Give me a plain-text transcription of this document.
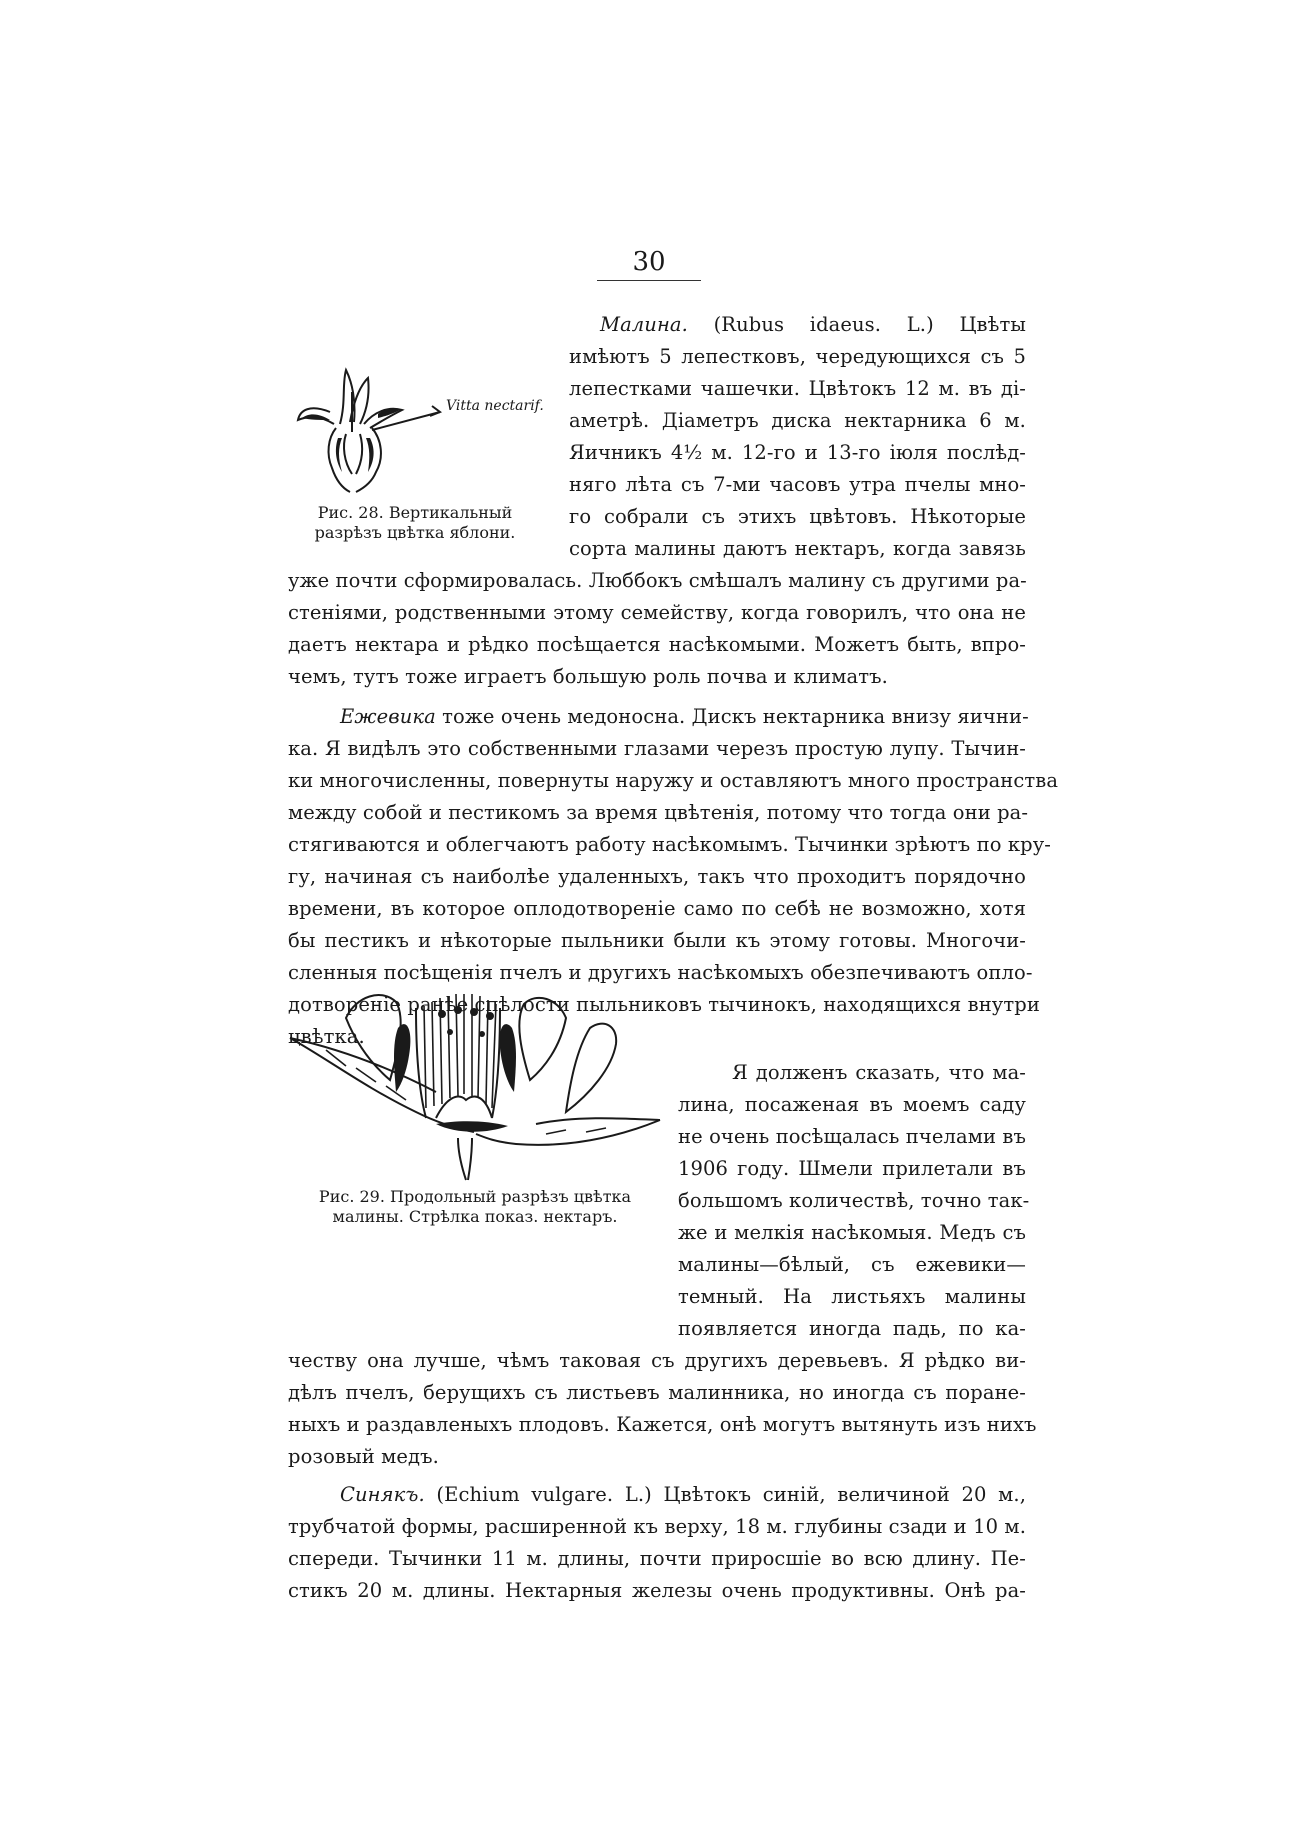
30
Vitta nectarif.
Рис. 28. Вертикальный
разрѣзъ цвѣтка яблони.
Рис. 29. Продольный разрѣзъ цвѣтка
малины. Стрѣлка показ. нектаръ.
Малина. (Rubus idaeus. L.) Цвѣты
имѣютъ 5 лепестковъ, чередующихся съ 5
лепестками чашечки. Цвѣтокъ 12 м. въ ді-
аметрѣ. Діаметръ диска нектарника 6 м.
Яичникъ 4½ м. 12-го и 13-го іюля послѣд-
няго лѣта съ 7-ми часовъ утра пчелы мно-
го собрали съ этихъ цвѣтовъ. Нѣкоторые
сорта малины даютъ нектаръ, когда завязь
уже почти сформировалась. Люббокъ смѣшалъ малину съ другими ра-
стеніями, родственными этому семейству, когда говорилъ, что она не
даетъ нектара и рѣдко посѣщается насѣкомыми. Можетъ быть, впро-
чемъ, тутъ тоже играетъ большую роль почва и климатъ.
Ежевика тоже очень медоносна. Дискъ нектарника внизу яични-
ка. Я видѣлъ это собственными глазами черезъ простую лупу. Тычин-
ки многочисленны, повернуты наружу и оставляютъ много пространства
между собой и пестикомъ за время цвѣтенія, потому что тогда они ра-
стягиваются и облегчаютъ работу насѣкомымъ. Тычинки зрѣютъ по кру-
гу, начиная съ наиболѣе удаленныхъ, такъ что проходитъ порядочно
времени, въ которое оплодотвореніе само по себѣ не возможно, хотя
бы пестикъ и нѣкоторые пыльники были къ этому готовы. Многочи-
сленныя посѣщенія пчелъ и другихъ насѣкомыхъ обезпечиваютъ оплo-
дотвореніе ранѣе спѣлости пыльниковъ тычинокъ, находящихся внутри
цвѣтка.
Я долженъ сказать, что ма-
лина, посаженая въ моемъ саду
не очень посѣщалась пчелами въ
1906 году. Шмели прилетали въ
большомъ количествѣ, точно так-
же и мелкія насѣкомыя. Медъ съ
малины—бѣлый, съ ежевики—
темный. На листьяхъ малины
появляется иногда падь, по ка-
честву она лучше, чѣмъ таковая съ другихъ деревьевъ. Я рѣдко ви-
дѣлъ пчелъ, берущихъ съ листьевъ малинника, но иногда съ поране-
ныхъ и раздавленыхъ плодовъ. Кажется, онѣ могутъ вытянуть изъ нихъ
розовый медъ.
Синякъ. (Echium vulgare. L.) Цвѣтокъ синій, величиной 20 м.,
трубчатой формы, расширенной къ верху, 18 м. глубины сзади и 10 м.
спереди. Тычинки 11 м. длины, почти приросшіе во всю длину. Пе-
стикъ 20 м. длины. Нектарныя железы очень продуктивны. Онѣ ра-
